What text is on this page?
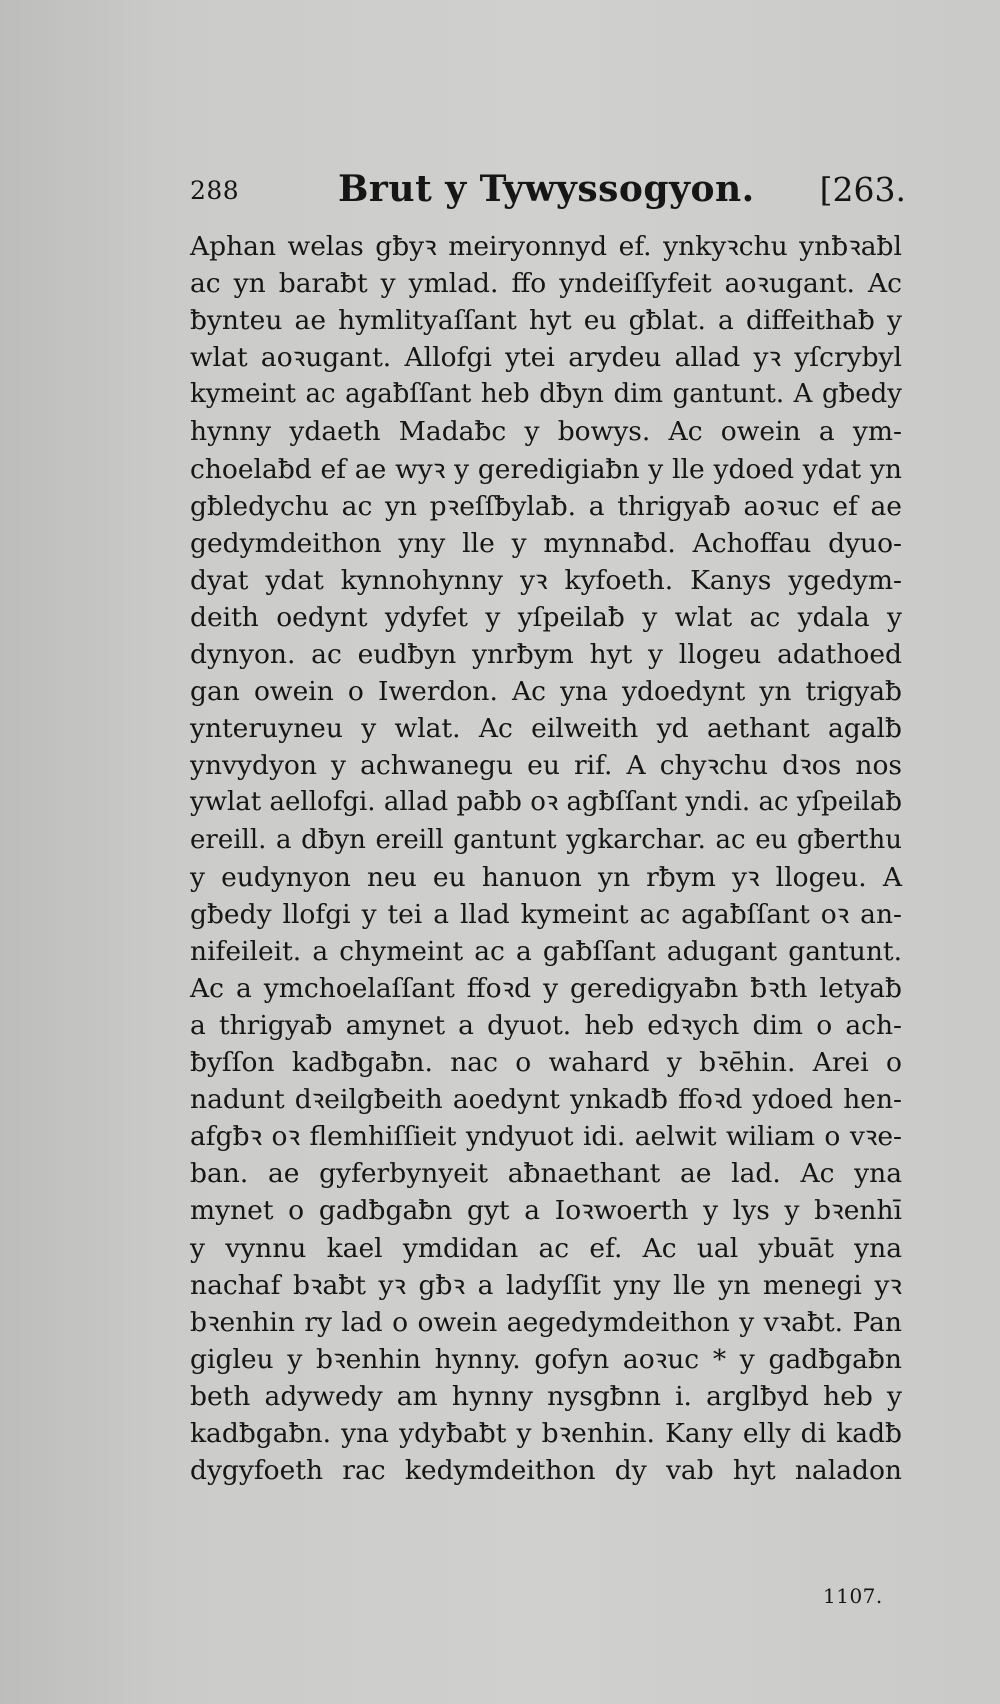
288	Brut y Tywyssogyon. [263.
Aphan welas gƀyꝛ meiryonnyd ef. ynkyꝛchu ynƀꝛaƀl
ac yn baraƀt y ymlad. ffo yndeiſſyfeit aoꝛugant. Ac
ƀynteu ae hymlityaſſant hyt eu gƀlat. a diffeithaƀ y
wlat aoꝛugant. Allofgi ytei arydeu allad yꝛ yſcrybyl
kymeint ac agaƀſſant heb dƀyn dim gantunt. A gƀedy
hynny ydaeth Madaƀc y bowys. Ac owein a ym-
choelaƀd ef ae wyꝛ y geredigiaƀn y lle ydoed ydat yn
gƀledychu ac yn pꝛeſſƀylaƀ. a thrigyaƀ aoꝛuc ef ae
gedymdeithon yny lle y mynnaƀd. Achoffau dyuo-
dyat ydat kynnohynny yꝛ kyfoeth. Kanys ygedym-
deith oedynt ydyfet y yſpeilaƀ y wlat ac ydala y
dynyon. ac eudƀyn ynrƀym hyt y llogeu adathoed
gan owein o Iwerdon. Ac yna ydoedynt yn trigyaƀ
ynteruyneu y wlat. Ac eilweith yd aethant agalƀ
ynvydyon y achwanegu eu rif. A chyꝛchu dꝛos nos
ywlat aellofgi. allad paƀb oꝛ agƀſſant yndi. ac yſpeilaƀ
ereill. a dƀyn ereill gantunt ygkarchar. ac eu gƀerthu
y eudynyon neu eu hanuon yn rƀym yꝛ llogeu. A
gƀedy llofgi y tei a llad kymeint ac agaƀſſant oꝛ an-
nifeileit. a chymeint ac a gaƀſſant adugant gantunt.
Ac a ymchoelaſſant ffoꝛd y geredigyaƀn ƀꝛth letyaƀ
a thrigyaƀ amynet a dyuot. heb edꝛych dim o ach-
ƀyſſon kadƀgaƀn. nac o wahard y bꝛēhin. Arei o
nadunt dꝛeilgƀeith aoedynt ynkadƀ ffoꝛd ydoed hen-
afgƀꝛ oꝛ flemhiſſieit yndyuot idi. aelwit wiliam o vꝛe-
ban. ae gyferbynyeit aƀnaethant ae lad. Ac yna
mynet o gadƀgaƀn gyt a Ioꝛwoerth y lys y bꝛenhī
y vynnu kael ymdidan ac ef. Ac ual ybuāt yna
nachaf bꝛaƀt yꝛ gƀꝛ a ladyſſit yny lle yn menegi yꝛ
bꝛenhin ry lad o owein aegedymdeithon y vꝛaƀt. Pan
gigleu y bꝛenhin hynny. gofyn aoꝛuc * y gadƀgaƀn
beth adywedy am hynny nysgƀnn i. arglƀyd heb y
kadƀgaƀn. yna ydyƀaƀt y bꝛenhin. Kany elly di kadƀ
dygyfoeth rac kedymdeithon dy vab hyt naladon
1107.
